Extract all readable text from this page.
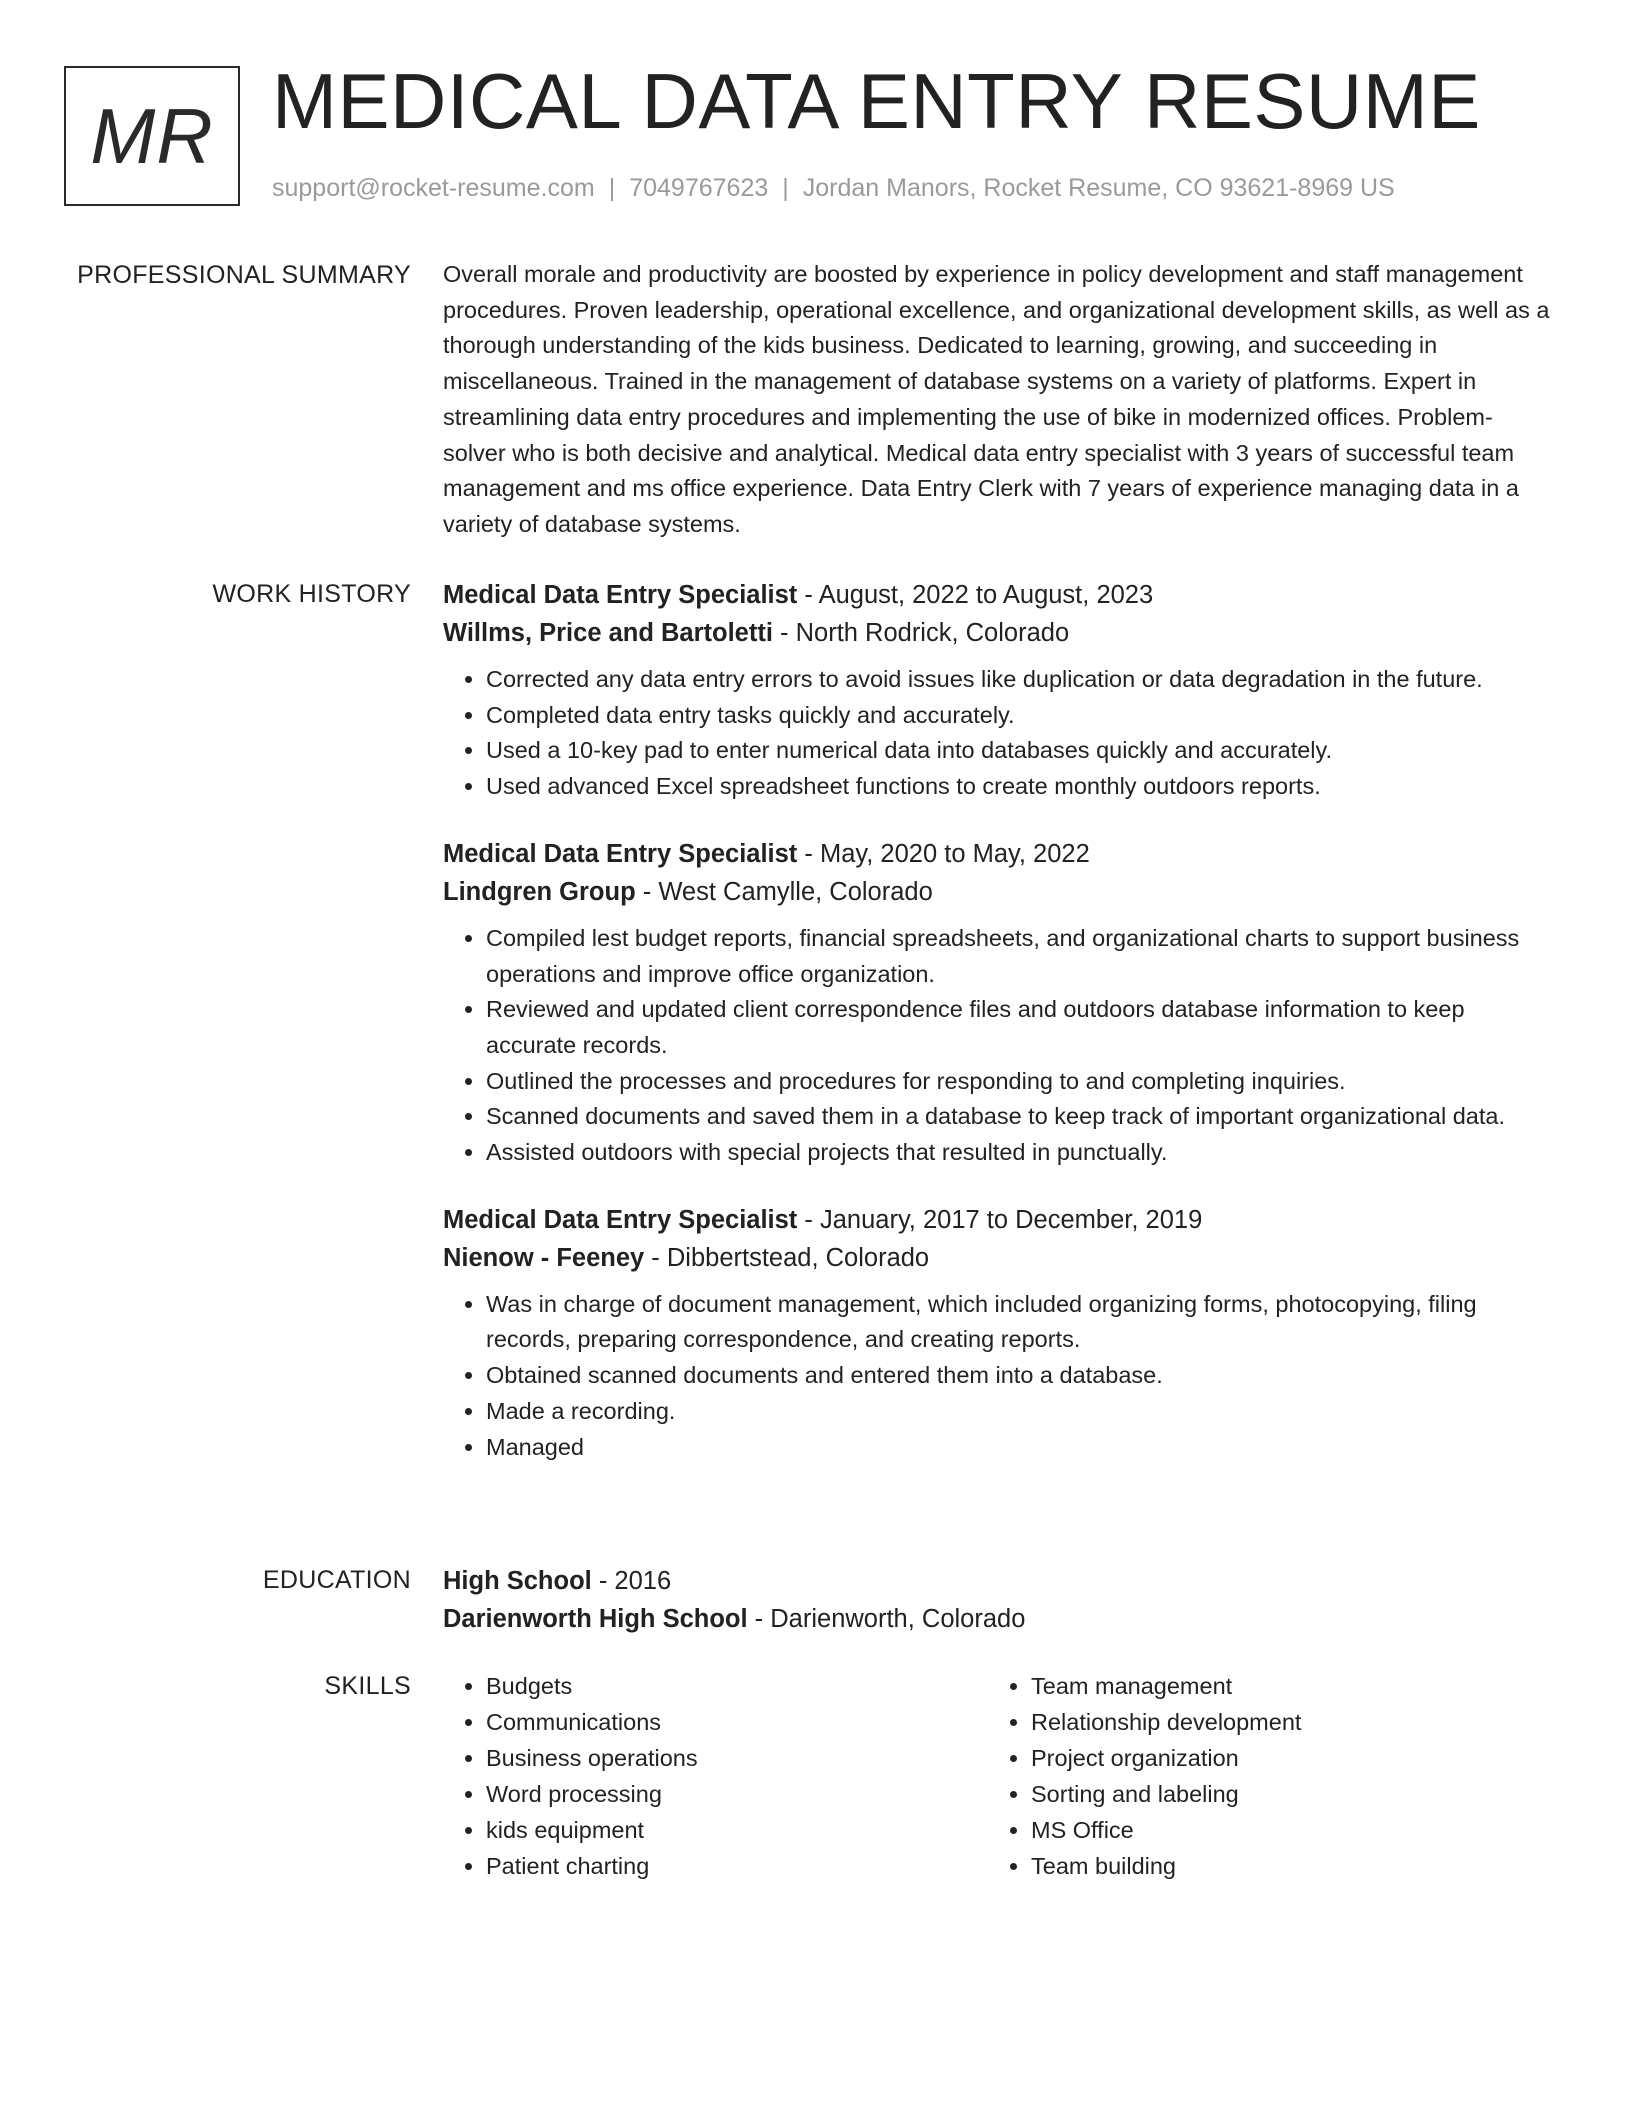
MR MEDICAL DATA ENTRY RESUME
support@rocket-resume.com | 7049767623 | Jordan Manors, Rocket Resume, CO 93621-8969 US
PROFESSIONAL SUMMARY Overall morale and productivity are boosted by experience in policy development and staff management procedures. Proven leadership, operational excellence, and organizational development skills, as well as a thorough understanding of the kids business. Dedicated to learning, growing, and succeeding in miscellaneous. Trained in the management of database systems on a variety of platforms. Expert in streamlining data entry procedures and implementing the use of bike in modernized offices. Problem-solver who is both decisive and analytical. Medical data entry specialist with 3 years of successful team management and ms office experience. Data Entry Clerk with 7 years of experience managing data in a variety of database systems.

WORK HISTORY Medical Data Entry Specialist - August, 2022 to August, 2023
Willms, Price and Bartoletti - North Rodrick, Colorado
• Corrected any data entry errors to avoid issues like duplication or data degradation in the future.
• Completed data entry tasks quickly and accurately.
• Used a 10-key pad to enter numerical data into databases quickly and accurately.
• Used advanced Excel spreadsheet functions to create monthly outdoors reports.
Medical Data Entry Specialist - May, 2020 to May, 2022
Lindgren Group - West Camylle, Colorado
• Compiled lest budget reports, financial spreadsheets, and organizational charts to support business operations and improve office organization.
• Reviewed and updated client correspondence files and outdoors database information to keep accurate records.
• Outlined the processes and procedures for responding to and completing inquiries.
• Scanned documents and saved them in a database to keep track of important organizational data.
• Assisted outdoors with special projects that resulted in punctually.
Medical Data Entry Specialist - January, 2017 to December, 2019
Nienow - Feeney - Dibbertstead, Colorado
• Was in charge of document management, which included organizing forms, photocopying, filing records, preparing correspondence, and creating reports.
• Obtained scanned documents and entered them into a database.
• Made a recording.
• Managed
EDUCATION High School - 2016
Darienworth High School - Darienworth, Colorado
SKILLS
•	Budgets
• Communications
• Business operations
• Word processing
• kids equipment
• Patient charting
• Team management
• Relationship development
• Project organization
• Sorting and labeling
• MS Office
• Team building
